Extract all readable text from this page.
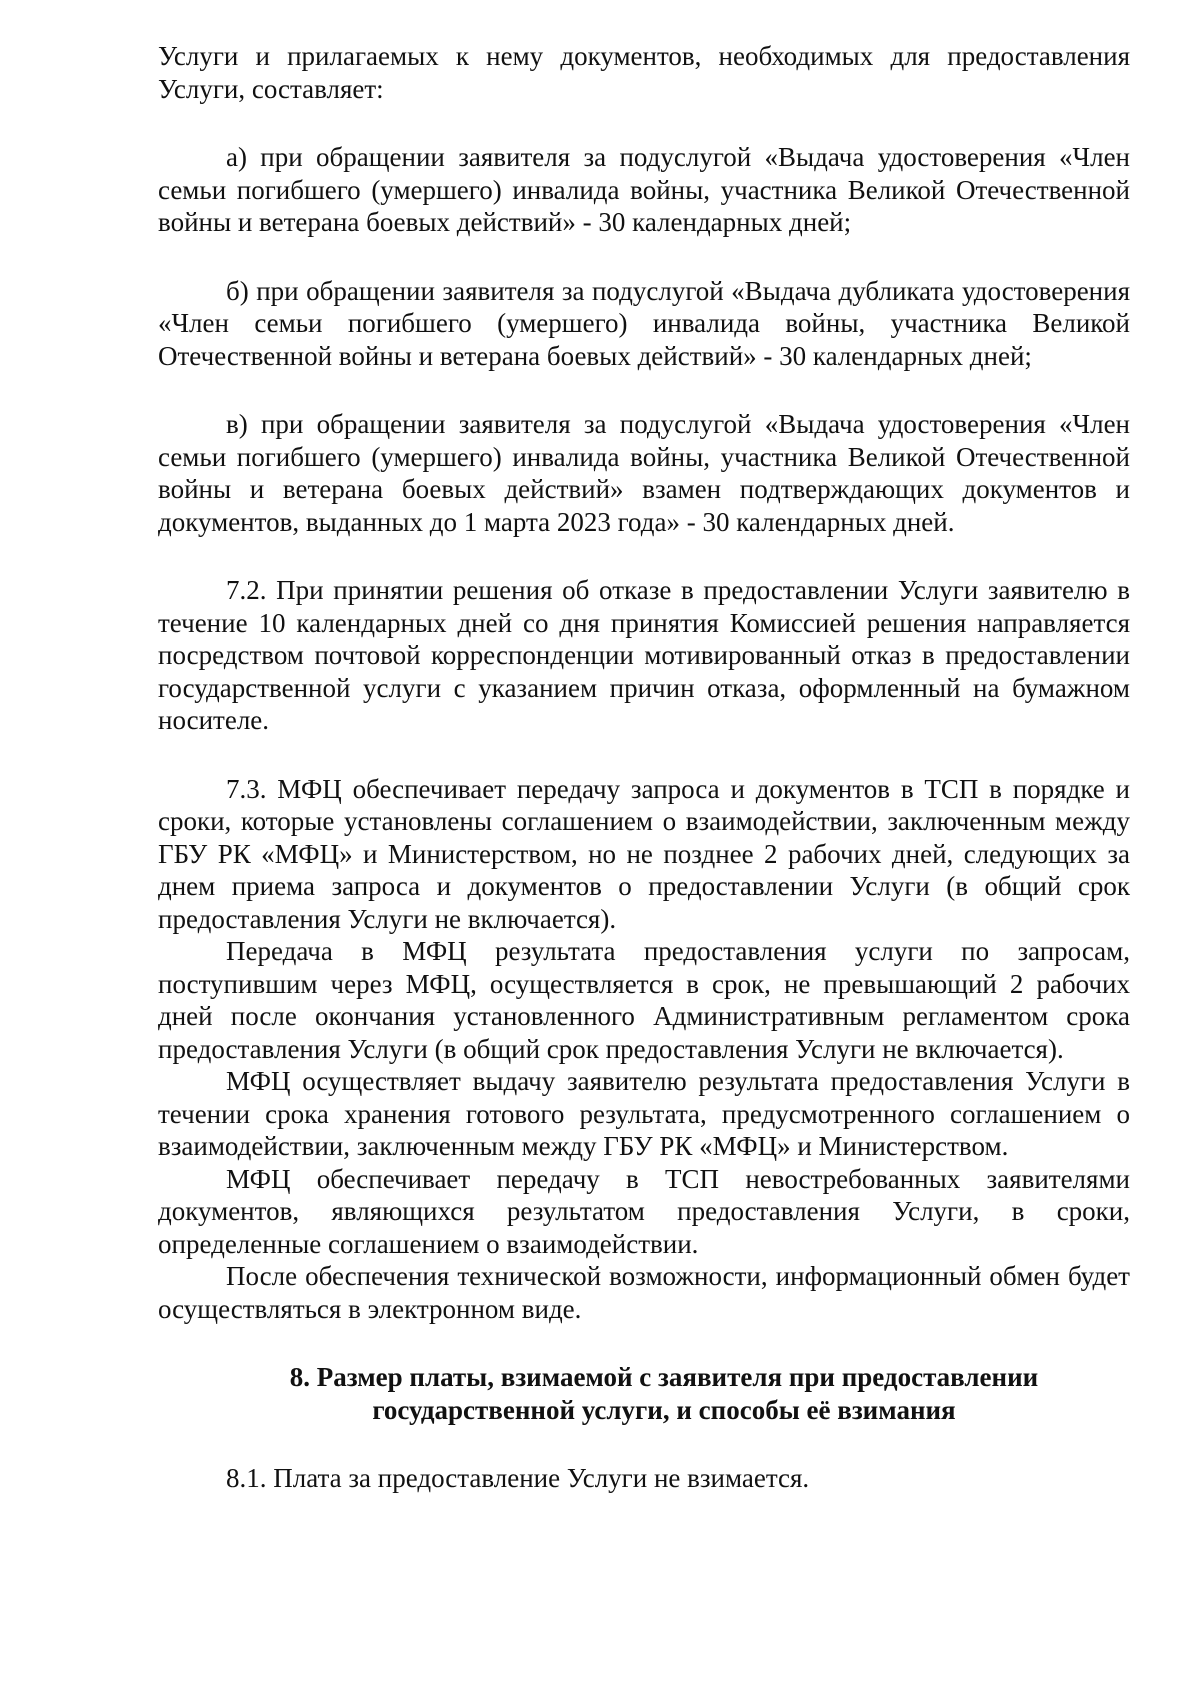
Услуги и прилагаемых к нему документов, необходимых для предоставления Услуги, составляет:

а) при обращении заявителя за подуслугой «Выдача удостоверения «Член семьи погибшего (умершего) инвалида войны, участника Великой Отечественной войны и ветерана боевых действий» - 30 календарных дней;

б) при обращении заявителя за подуслугой «Выдача дубликата удостоверения «Член семьи погибшего (умершего) инвалида войны, участника Великой Отечественной войны и ветерана боевых действий» - 30 календарных дней;

в) при обращении заявителя за подуслугой «Выдача удостоверения «Член семьи погибшего (умершего) инвалида войны, участника Великой Отечественной войны и ветерана боевых действий» взамен подтверждающих документов и документов, выданных до 1 марта 2023 года» - 30 календарных дней.

7.2. При принятии решения об отказе в предоставлении Услуги заявителю в течение 10 календарных дней со дня принятия Комиссией решения направляется посредством почтовой корреспонденции мотивированный отказ в предоставлении государственной услуги с указанием причин отказа, оформленный на бумажном носителе.

7.3. МФЦ обеспечивает передачу запроса и документов в ТСП в порядке и сроки, которые установлены соглашением о взаимодействии, заключенным между ГБУ РК «МФЦ» и Министерством, но не позднее 2 рабочих дней, следующих за днем приема запроса и документов о предоставлении Услуги (в общий срок предоставления Услуги не включается).

Передача в МФЦ результата предоставления услуги по запросам, поступившим через МФЦ, осуществляется в срок, не превышающий 2 рабочих дней после окончания установленного Административным регламентом срока предоставления Услуги (в общий срок предоставления Услуги не включается).

МФЦ осуществляет выдачу заявителю результата предоставления Услуги в течении срока хранения готового результата, предусмотренного соглашением о взаимодействии, заключенным между ГБУ РК «МФЦ» и Министерством.

МФЦ обеспечивает передачу в ТСП невостребованных заявителями документов, являющихся результатом предоставления Услуги, в сроки, определенные соглашением о взаимодействии.

После обеспечения технической возможности, информационный обмен будет осуществляться в электронном виде.

8. Размер платы, взимаемой с заявителя при предоставлении
государственной услуги, и способы её взимания

8.1. Плата за предоставление Услуги не взимается.
